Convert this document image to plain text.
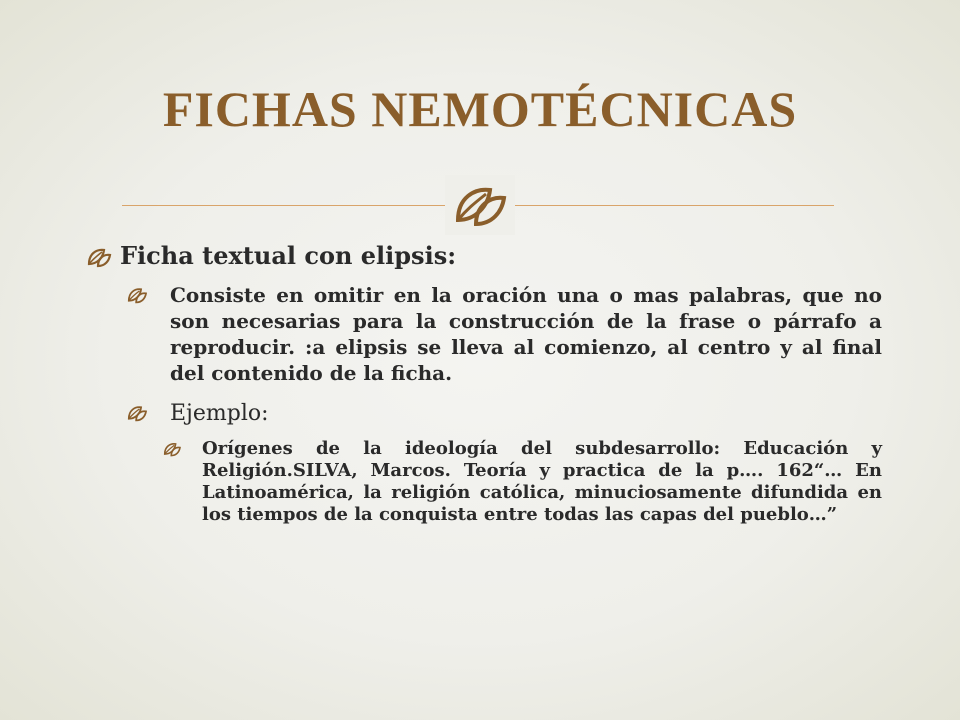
FICHAS NEMOTÉCNICAS
Ficha textual con elipsis:
Consiste en omitir en la oración una o mas palabras, que no son necesarias para la construcción de la frase o párrafo a reproducir. :a elipsis se lleva al comienzo, al centro y al final del contenido de la ficha.
Ejemplo:
Orígenes de la ideología del subdesarrollo: Educación y Religión.SILVA, Marcos. Teoría y practica de la p…. 162“… En Latinoamérica, la religión católica, minuciosamente difundida en los tiempos de la conquista entre todas las capas del pueblo…”
